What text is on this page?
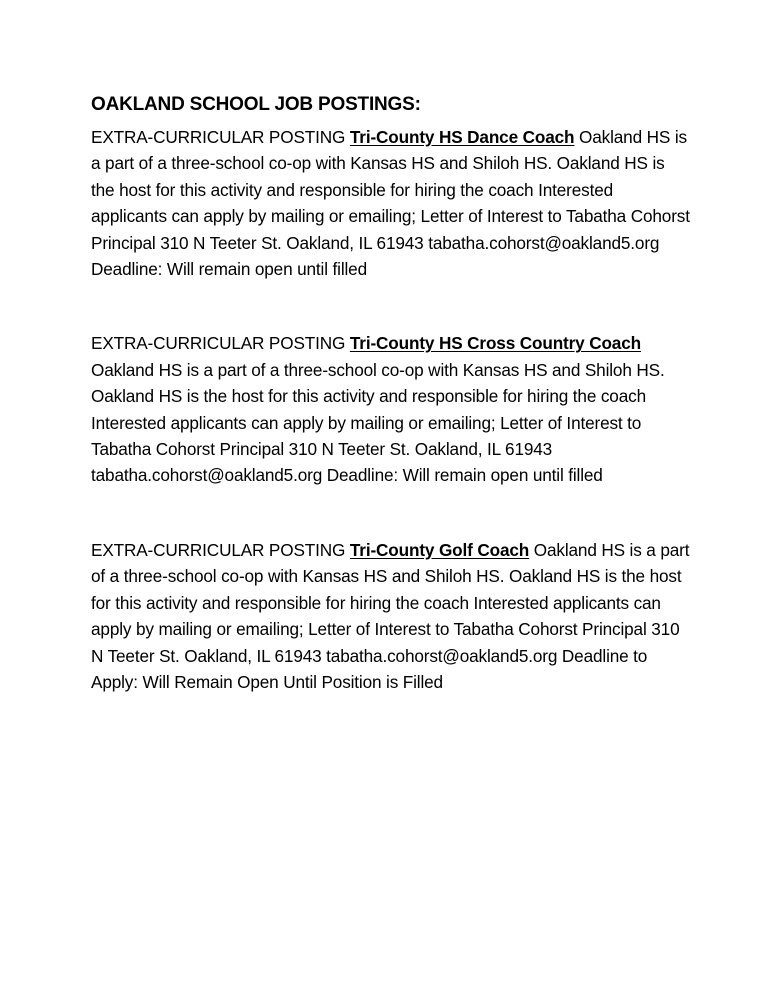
OAKLAND SCHOOL JOB POSTINGS:

EXTRA-CURRICULAR POSTING Tri-County HS Dance Coach Oakland HS is a part of a three-school co-op with Kansas HS and Shiloh HS. Oakland HS is the host for this activity and responsible for hiring the coach Interested applicants can apply by mailing or emailing; Letter of Interest to Tabatha Cohorst Principal 310 N Teeter St. Oakland, IL 61943 tabatha.cohorst@oakland5.org Deadline: Will remain open until filled

EXTRA-CURRICULAR POSTING Tri-County HS Cross Country Coach Oakland HS is a part of a three-school co-op with Kansas HS and Shiloh HS. Oakland HS is the host for this activity and responsible for hiring the coach Interested applicants can apply by mailing or emailing; Letter of Interest to Tabatha Cohorst Principal 310 N Teeter St. Oakland, IL 61943 tabatha.cohorst@oakland5.org Deadline: Will remain open until filled

EXTRA-CURRICULAR POSTING Tri-County Golf Coach Oakland HS is a part of a three-school co-op with Kansas HS and Shiloh HS. Oakland HS is the host for this activity and responsible for hiring the coach Interested applicants can apply by mailing or emailing; Letter of Interest to Tabatha Cohorst Principal 310 N Teeter St. Oakland, IL 61943 tabatha.cohorst@oakland5.org Deadline to Apply: Will Remain Open Until Position is Filled
